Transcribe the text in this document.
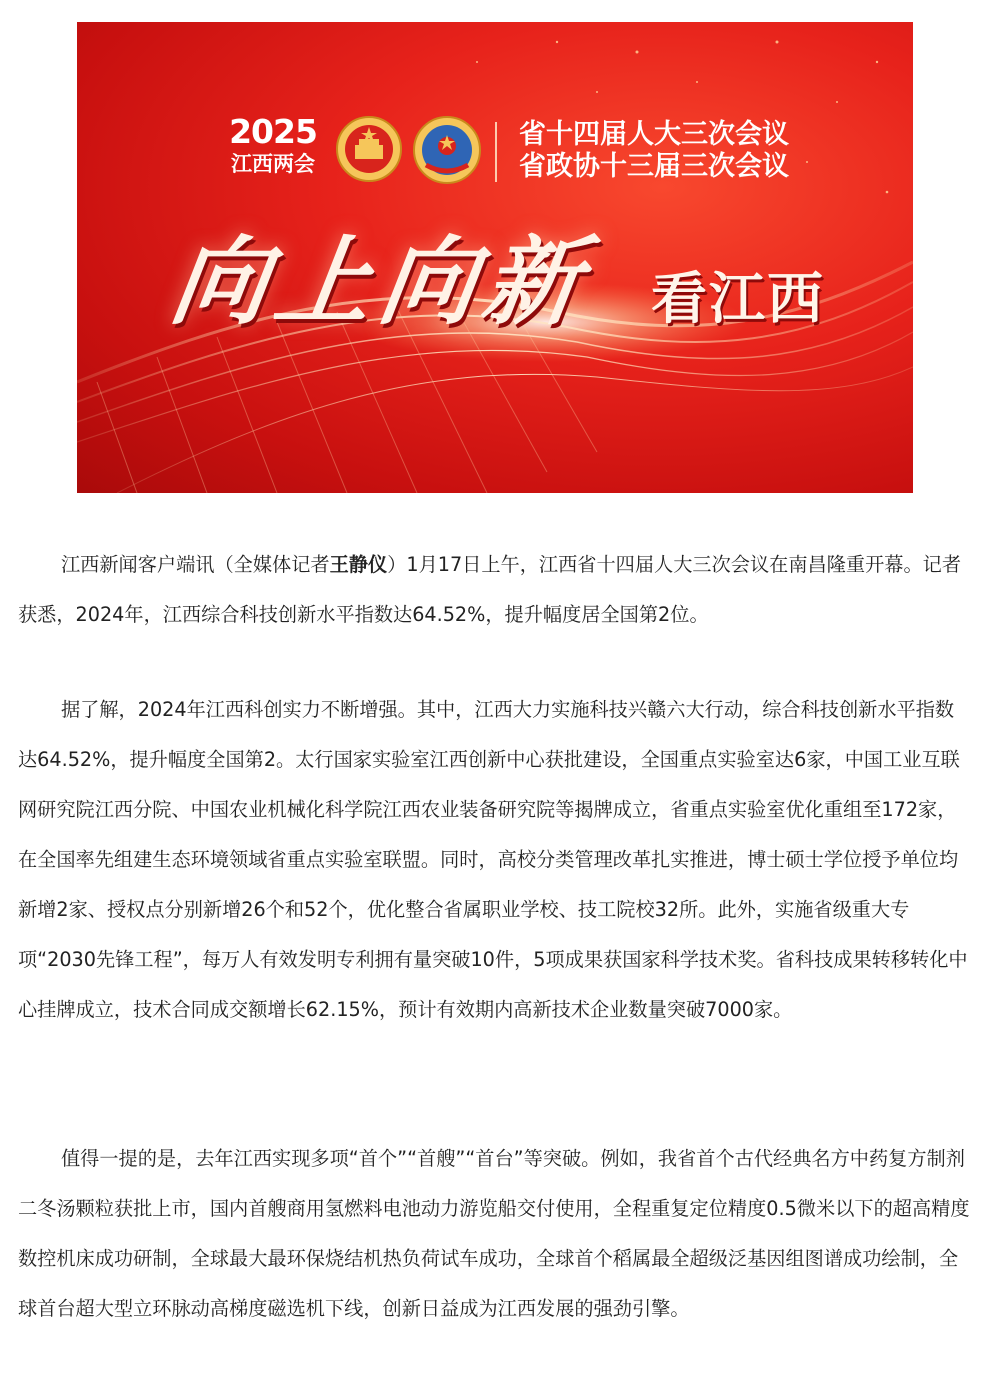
2025
江西两会
省十四届人大三次会议
省政协十三届三次会议
向上向新 看江西

江西新闻客户端讯（全媒体记者王静仪）1月17日上午，江西省十四届人大三次会议在南昌隆重开幕。记者获悉，2024年，江西综合科技创新水平指数达64.52%，提升幅度居全国第2位。

据了解，2024年江西科创实力不断增强。其中，江西大力实施科技兴赣六大行动，综合科技创新水平指数达64.52%，提升幅度全国第2。太行国家实验室江西创新中心获批建设，全国重点实验室达6家，中国工业互联网研究院江西分院、中国农业机械化科学院江西农业装备研究院等揭牌成立，省重点实验室优化重组至172家，在全国率先组建生态环境领域省重点实验室联盟。同时，高校分类管理改革扎实推进，博士硕士学位授予单位均新增2家、授权点分别新增26个和52个，优化整合省属职业学校、技工院校32所。此外，实施省级重大专项“2030先锋工程”，每万人有效发明专利拥有量突破10件，5项成果获国家科学技术奖。省科技成果转移转化中心挂牌成立，技术合同成交额增长62.15%，预计有效期内高新技术企业数量突破7000家。

值得一提的是，去年江西实现多项“首个”“首艘”“首台”等突破。例如，我省首个古代经典名方中药复方制剂二冬汤颗粒获批上市，国内首艘商用氢燃料电池动力游览船交付使用，全程重复定位精度0.5微米以下的超高精度数控机床成功研制，全球最大最环保烧结机热负荷试车成功，全球首个稻属最全超级泛基因组图谱成功绘制，全球首台超大型立环脉动高梯度磁选机下线，创新日益成为江西发展的强劲引擎。
